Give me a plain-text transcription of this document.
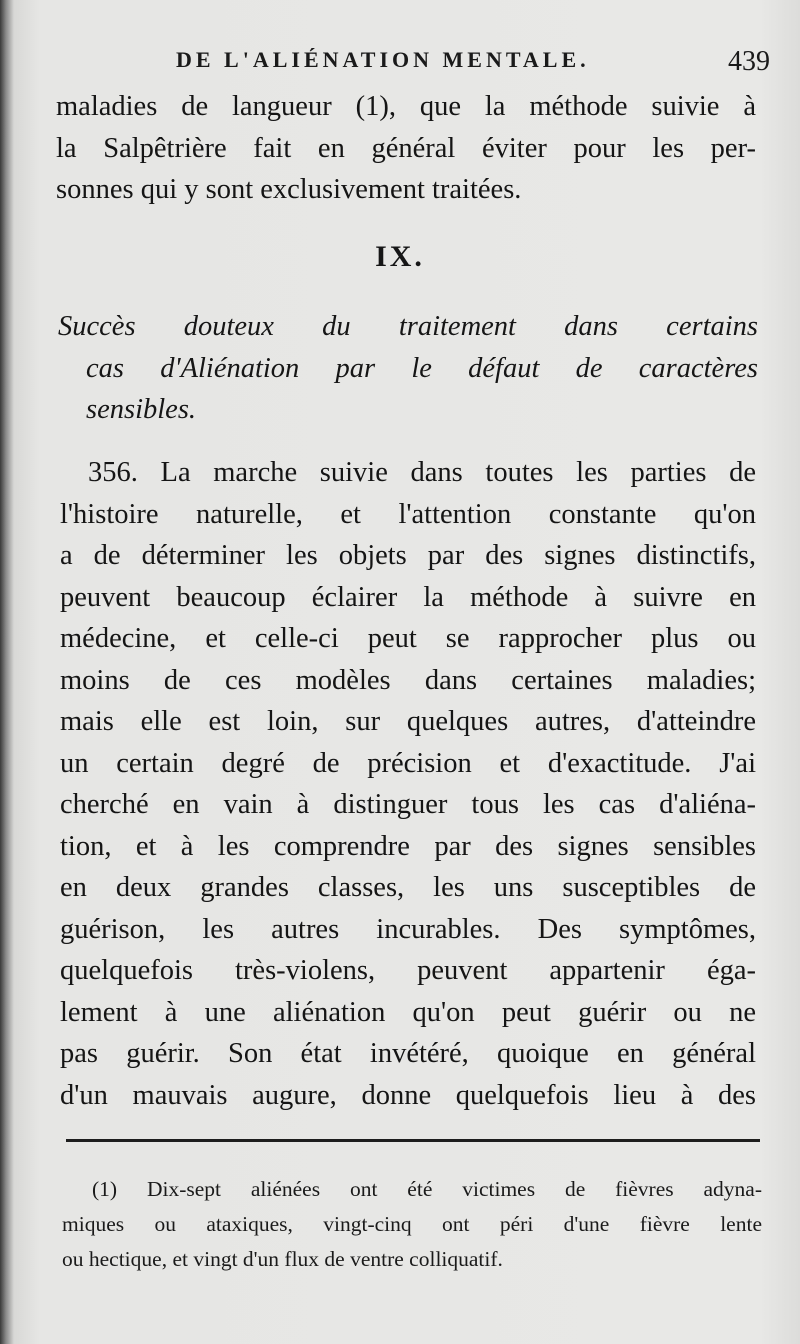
DE L'ALIÉNATION MENTALE.	439
maladies de langueur (1), que la méthode suivie à
la Salpêtrière fait en général éviter pour les per-
sonnes qui y sont exclusivement traitées.
IX.
Succès douteux du traitement dans certains
cas d'Aliénation par le défaut de caractères
sensibles.
356. La marche suivie dans toutes les parties de
l'histoire naturelle, et l'attention constante qu'on
a de déterminer les objets par des signes distinctifs,
peuvent beaucoup éclairer la méthode à suivre en
médecine, et celle-ci peut se rapprocher plus ou
moins de ces modèles dans certaines maladies;
mais elle est loin, sur quelques autres, d'atteindre
un certain degré de précision et d'exactitude. J'ai
cherché en vain à distinguer tous les cas d'aliéna-
tion, et à les comprendre par des signes sensibles
en deux grandes classes, les uns susceptibles de
guérison, les autres incurables. Des symptômes,
quelquefois très-violens, peuvent appartenir éga-
lement à une aliénation qu'on peut guérir ou ne
pas guérir. Son état invétéré, quoique en général
d'un mauvais augure, donne quelquefois lieu à des
(1) Dix-sept aliénées ont été victimes de fièvres adyna-
miques ou ataxiques, vingt-cinq ont péri d'une fièvre lente
ou hectique, et vingt d'un flux de ventre colliquatif.
